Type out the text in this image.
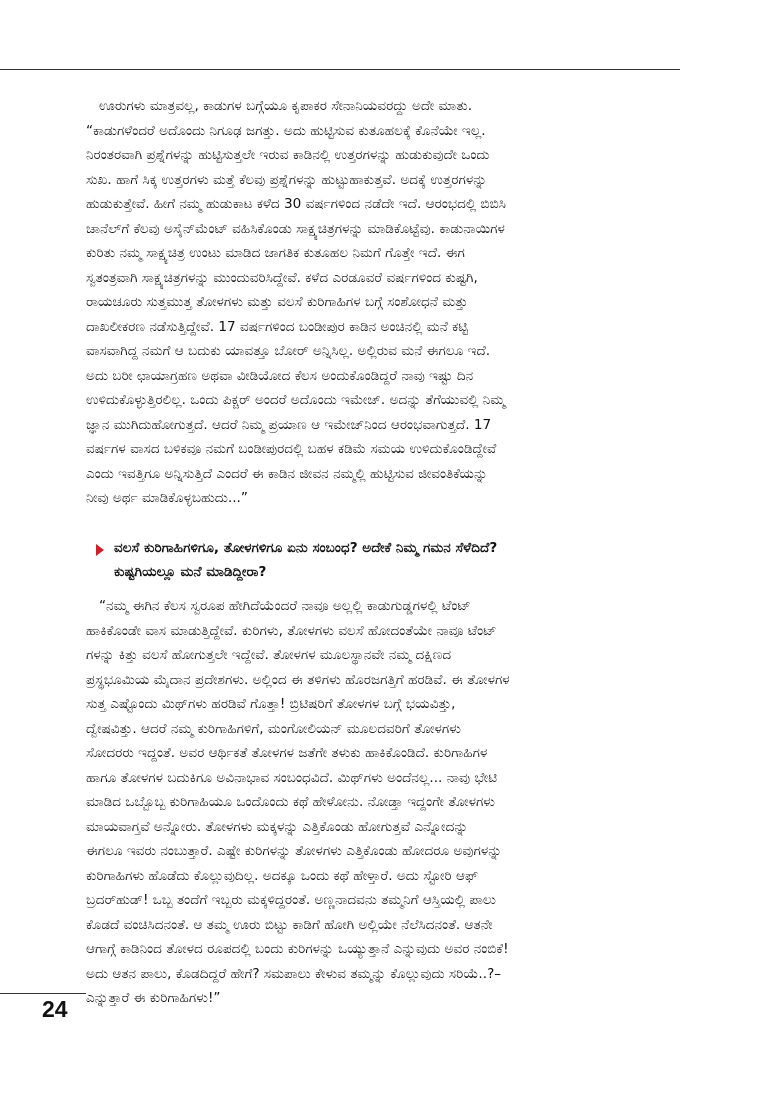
ಊರುಗಳು ಮಾತ್ರವಲ್ಲ, ಕಾಡುಗಳ ಬಗ್ಗೆಯೂ ಕೃಪಾಕರ ಸೇನಾನಿಯವರದ್ದು ಅದೇ ಮಾತು.
“ಕಾಡುಗಳೆಂದರೆ ಅದೊಂದು ನಿಗೂಢ ಜಗತ್ತು. ಅದು ಹುಟ್ಟಿಸುವ ಕುತೂಹಲಕ್ಕೆ ಕೊನೆಯೇ ಇಲ್ಲ.
ನಿರಂತರವಾಗಿ ಪ್ರಶ್ನೆಗಳನ್ನು ಹುಟ್ಟಿಸುತ್ತಲೇ ಇರುವ ಕಾಡಿನಲ್ಲಿ ಉತ್ತರಗಳನ್ನು ಹುಡುಕುವುದೇ ಒಂದು
ಸುಖ. ಹಾಗೆ ಸಿಕ್ಕ ಉತ್ತರಗಳು ಮತ್ತೆ ಕೆಲವು ಪ್ರಶ್ನೆಗಳನ್ನು ಹುಟ್ಟುಹಾಕುತ್ತವೆ. ಅದಕ್ಕೆ ಉತ್ತರಗಳನ್ನು
ಹುಡುಕುತ್ತೇವೆ. ಹೀಗೆ ನಮ್ಮ ಹುಡುಕಾಟ ಕಳೆದ 30 ವರ್ಷಗಳಿಂದ ನಡೆದೇ ಇದೆ. ಆರಂಭದಲ್ಲಿ ಬಿಬಿಸಿ
ಚಾನೆಲ್‌ಗೆ ಕೆಲವು ಅಸೈನ್‌ಮೆಂಟ್ ವಹಿಸಿಕೊಂಡು ಸಾಕ್ಷ್ಯಚಿತ್ರಗಳನ್ನು ಮಾಡಿಕೊಟ್ಟೆವು. ಕಾಡುನಾಯಿಗಳ
ಕುರಿತು ನಮ್ಮ ಸಾಕ್ಷ್ಯಚಿತ್ರ ಉಂಟು ಮಾಡಿದ ಜಾಗತಿಕ ಕುತೂಹಲ ನಿಮಗೆ ಗೊತ್ತೇ ಇದೆ. ಈಗ
ಸ್ವತಂತ್ರವಾಗಿ ಸಾಕ್ಷ್ಯಚಿತ್ರಗಳನ್ನು ಮುಂದುವರಿಸಿದ್ದೇವೆ. ಕಳೆದ ಎರಡೂವರೆ ವರ್ಷಗಳಿಂದ ಕುಷ್ಟಗಿ,
ರಾಯಚೂರು ಸುತ್ತಮುತ್ತ ತೋಳಗಳು ಮತ್ತು ವಲಸೆ ಕುರಿಗಾಹಿಗಳ ಬಗ್ಗೆ ಸಂಶೋಧನೆ ಮತ್ತು
ದಾಖಲೀಕರಣ ನಡೆಸುತ್ತಿದ್ದೇವೆ. 17 ವರ್ಷಗಳಿಂದ ಬಂಡೀಪುರ ಕಾಡಿನ ಅಂಚಿನಲ್ಲಿ ಮನೆ ಕಟ್ಟಿ
ವಾಸವಾಗಿದ್ದ ನಮಗೆ ಆ ಬದುಕು ಯಾವತ್ತೂ ಬೋರ್ ಅನ್ನಿಸಿಲ್ಲ. ಅಲ್ಲಿರುವ ಮನೆ ಈಗಲೂ ಇದೆ.
ಅದು ಬರೀ ಛಾಯಾಗ್ರಹಣ ಅಥವಾ ವೀಡಿಯೋದ ಕೆಲಸ ಅಂದುಕೊಂಡಿದ್ದರೆ ನಾವು ಇಷ್ಟು ದಿನ
ಉಳಿದುಕೊಳ್ಳುತ್ತಿರಲಿಲ್ಲ. ಒಂದು ಪಿಕ್ಚರ್ ಅಂದರೆ ಅದೊಂದು ಇಮೇಜ್. ಅದನ್ನು ತೆಗೆಯುವಲ್ಲಿ ನಿಮ್ಮ
ಜ್ಞಾನ ಮುಗಿದುಹೋಗುತ್ತದೆ. ಆದರೆ ನಿಮ್ಮ ಪ್ರಯಾಣ ಆ ಇಮೇಜ್‌ನಿಂದ ಆರಂಭವಾಗುತ್ತದೆ. 17
ವರ್ಷಗಳ ವಾಸದ ಬಳಿಕವೂ ನಮಗೆ ಬಂಡೀಪುರದಲ್ಲಿ ಬಹಳ ಕಡಿಮೆ ಸಮಯ ಉಳಿದುಕೊಂಡಿದ್ದೇವೆ
ಎಂದು ಇವತ್ತಿಗೂ ಅನ್ನಿಸುತ್ತಿದೆ ಎಂದರೆ ಈ ಕಾಡಿನ ಜೀವನ ನಮ್ಮಲ್ಲಿ ಹುಟ್ಟಿಸುವ ಜೀವಂತಿಕೆಯನ್ನು
ನೀವು ಅರ್ಥ ಮಾಡಿಕೊಳ್ಳಬಹುದು...”
ವಲಸೆ ಕುರಿಗಾಹಿಗಳಿಗೂ, ತೋಳಗಳಿಗೂ ಏನು ಸಂಬಂಧ? ಅದೇಕೆ ನಿಮ್ಮ ಗಮನ ಸೆಳೆದಿದೆ?
ಕುಷ್ಟಗಿಯಲ್ಲೂ ಮನೆ ಮಾಡಿದ್ದೀರಾ?
“ನಮ್ಮ ಈಗಿನ ಕೆಲಸ ಸ್ವರೂಪ ಹೇಗಿದೆಯೆಂದರೆ ನಾವೂ ಅಲ್ಲಲ್ಲಿ ಕಾಡುಗುಡ್ಡಗಳಲ್ಲಿ ಟೆಂಟ್
ಹಾಕಿಕೊಂಡೇ ವಾಸ ಮಾಡುತ್ತಿದ್ದೇವೆ. ಕುರಿಗಳು, ತೋಳಗಳು ವಲಸೆ ಹೋದಂತೆಯೇ ನಾವೂ ಟೆಂಟ್
ಗಳನ್ನು ಕಿತ್ತು ವಲಸೆ ಹೋಗುತ್ತಲೇ ಇದ್ದೇವೆ. ತೋಳಗಳ ಮೂಲಸ್ಥಾನವೇ ನಮ್ಮ ದಕ್ಷಿಣದ
ಪ್ರಸ್ಥಭೂಮಿಯ ಮೈದಾನ ಪ್ರದೇಶಗಳು. ಅಲ್ಲಿಂದ ಈ ತಳಿಗಳು ಹೊರಜಗತ್ತಿಗೆ ಹರಡಿವೆ. ಈ ತೋಳಗಳ
ಸುತ್ತ ಎಷ್ಟೊಂದು ಮಿಥ್‌ಗಳು ಹರಡಿವೆ ಗೊತ್ತಾ! ಬ್ರಿಟಿಷರಿಗೆ ತೋಳಗಳ ಬಗ್ಗೆ ಭಯವಿತ್ತು,
ದ್ವೇಷವಿತ್ತು. ಆದರೆ ನಮ್ಮ ಕುರಿಗಾಹಿಗಳಿಗೆ, ಮಂಗೋಲಿಯನ್ ಮೂಲದವರಿಗೆ ತೋಳಗಳು
ಸೋದರರು ಇದ್ದಂತೆ. ಅವರ ಆರ್ಥಿಕತೆ ತೋಳಗಳ ಜತೆಗೇ ತಳುಕು ಹಾಕಿಕೊಂಡಿದೆ. ಕುರಿಗಾಹಿಗಳ
ಹಾಗೂ ತೋಳಗಳ ಬದುಕಿಗೂ ಅವಿನಾಭಾವ ಸಂಬಂಧವಿದೆ. ಮಿಥ್‌ಗಳು ಅಂದೆನಲ್ಲ... ನಾವು ಭೇಟಿ
ಮಾಡಿದ ಒಬ್ಬೊಬ್ಬ ಕುರಿಗಾಹಿಯೂ ಒಂದೊಂದು ಕಥೆ ಹೇಳೋನು. ನೋಡ್ತಾ ಇದ್ದಂಗೇ ತೋಳಗಳು
ಮಾಯವಾಗ್ತವೆ ಅನ್ನೋರು. ತೋಳಗಳು ಮಕ್ಕಳನ್ನು ಎತ್ತಿಕೊಂಡು ಹೋಗುತ್ತವೆ ಎನ್ನೋದನ್ನು
ಈಗಲೂ ಇವರು ನಂಬುತ್ತಾರೆ. ಎಷ್ಟೇ ಕುರಿಗಳನ್ನು ತೋಳಗಳು ಎತ್ತಿಕೊಂಡು ಹೋದರೂ ಅವುಗಳನ್ನು
ಕುರಿಗಾಹಿಗಳು ಹೊಡೆದು ಕೊಲ್ಲುವುದಿಲ್ಲ. ಅದಕ್ಕೂ ಒಂದು ಕಥೆ ಹೇಳ್ತಾರೆ. ಅದು ಸ್ಟೋರಿ ಆಫ್
ಬ್ರದರ್‌ಹುಡ್! ಒಬ್ಬ ತಂದೆಗೆ ಇಬ್ಬರು ಮಕ್ಕಳಿದ್ದರಂತೆ. ಅಣ್ಣನಾದವನು ತಮ್ಮನಿಗೆ ಆಸ್ತಿಯಲ್ಲಿ ಪಾಲು
ಕೊಡದೆ ವಂಚಿಸಿದನಂತೆ. ಆ ತಮ್ಮ ಊರು ಬಿಟ್ಟು ಕಾಡಿಗೆ ಹೋಗಿ ಅಲ್ಲಿಯೇ ನೆಲೆಸಿದನಂತೆ. ಆತನೇ
ಆಗಾಗ್ಗೆ ಕಾಡಿನಿಂದ ತೋಳದ ರೂಪದಲ್ಲಿ ಬಂದು ಕುರಿಗಳನ್ನು ಒಯ್ಯುತ್ತಾನೆ ಎನ್ನುವುದು ಅವರ ನಂಬಿಕೆ!
ಅದು ಆತನ ಪಾಲು, ಕೊಡದಿದ್ದರೆ ಹೇಗೆ? ಸಮಪಾಲು ಕೇಳುವ ತಮ್ಮನ್ನು ಕೊಲ್ಲುವುದು ಸರಿಯೆ..?–
ಎನ್ನುತ್ತಾರೆ ಈ ಕುರಿಗಾಹಿಗಳು!”
24
